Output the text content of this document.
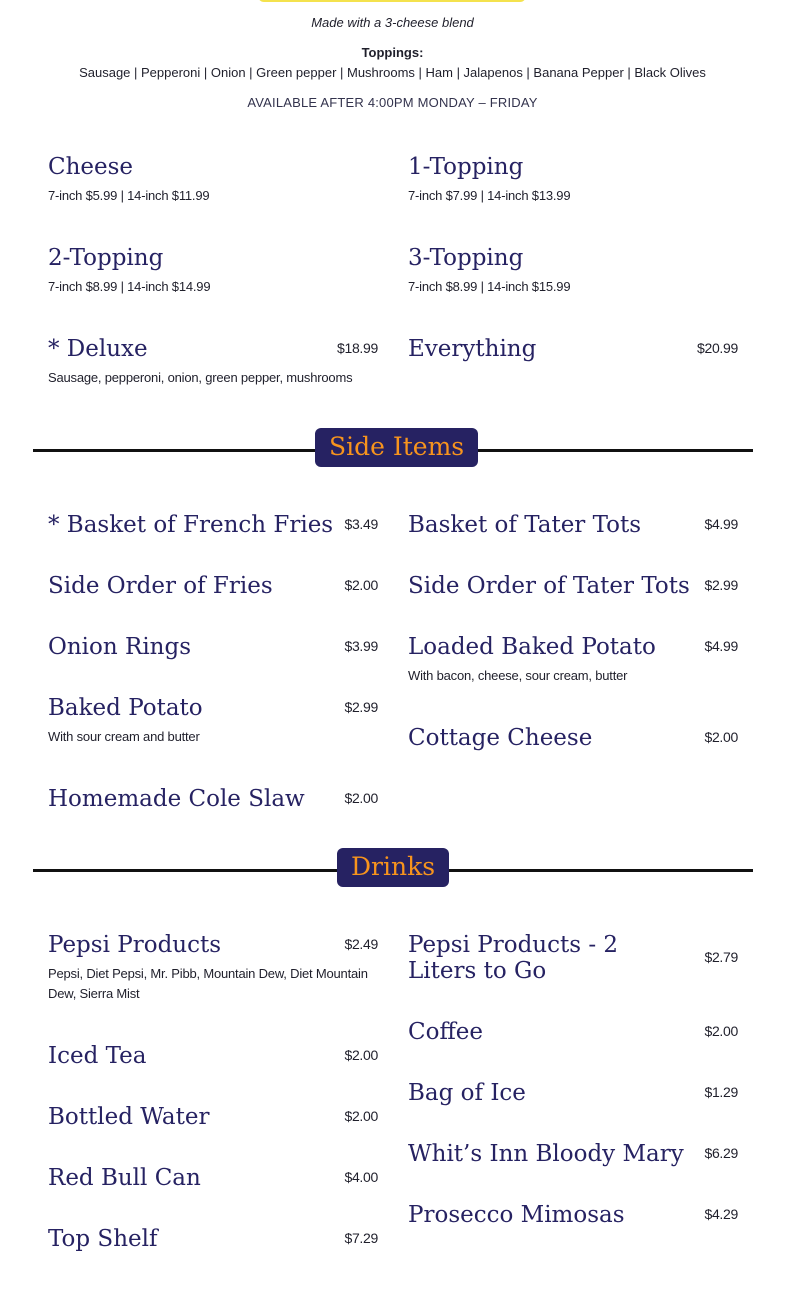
Made with a 3-cheese blend
Toppings:
Sausage | Pepperoni | Onion | Green pepper | Mushrooms | Ham | Jalapenos | Banana Pepper | Black Olives
AVAILABLE AFTER 4:00PM MONDAY – FRIDAY
Cheese
7-inch $5.99 | 14-inch $11.99
1-Topping
7-inch $7.99 | 14-inch $13.99
2-Topping
7-inch $8.99 | 14-inch $14.99
3-Topping
7-inch $8.99 | 14-inch $15.99
* Deluxe	$18.99
Sausage, pepperoni, onion, green pepper, mushrooms
Everything	$20.99
Side Items
* Basket of French Fries $3.49
Side Order of Fries	$2.00
Onion Rings	$3.99
Baked Potato	$2.99
With sour cream and butter
Homemade Cole Slaw	$2.00
Basket of Tater Tots	$4.99
Side Order of Tater Tots	$2.99
Loaded Baked Potato	$4.99
With bacon, cheese, sour cream, butter
Cottage Cheese	$2.00
Drinks
Pepsi Products	$2.49
Pepsi, Diet Pepsi, Mr. Pibb, Mountain Dew, Diet Mountain Dew, Sierra Mist
Iced Tea	$2.00
Bottled Water	$2.00
Red Bull Can	$4.00
Top Shelf	$7.29
Pepsi Products - 2 Liters to Go
$2.79
Coffee	$2.00
Bag of Ice	$1.29
Whit’s Inn Bloody Mary	$6.29
Prosecco Mimosas	$4.29
